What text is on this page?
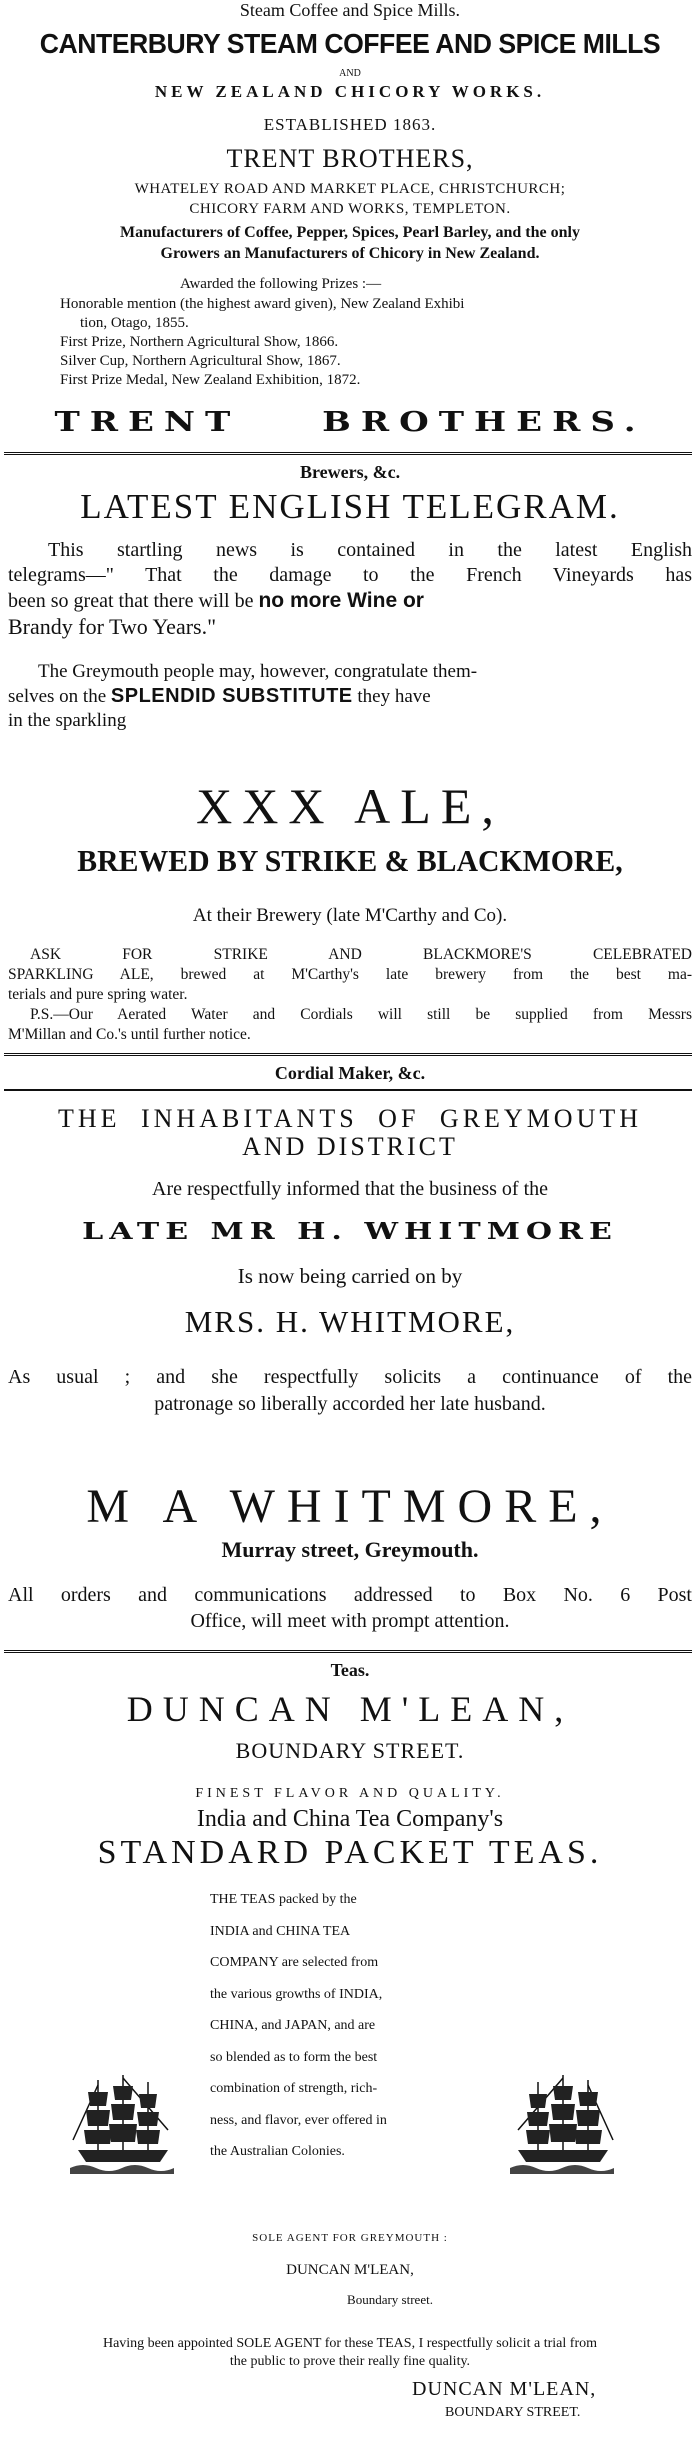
Steam Coffee and Spice Mills.
CANTERBURY STEAM COFFEE AND SPICE MILLS
AND
NEW ZEALAND CHICORY WORKS.
ESTABLISHED 1863.
TRENT BROTHERS,
WHATELEY ROAD AND MARKET PLACE, CHRISTCHURCH;
CHICORY FARM AND WORKS, TEMPLETON.
Manufacturers of Coffee, Pepper, Spices, Pearl Barley, and the only
Growers an Manufacturers of Chicory in New Zealand.
Awarded the following Prizes :—
Honorable mention (the highest award given), New Zealand Exhibi
tion, Otago, 1855.
First Prize, Northern Agricultural Show, 1866.
Silver Cup, Northern Agricultural Show, 1867.
First Prize Medal, New Zealand Exhibition, 1872.
TRENT BROTHERS.
Brewers, &c.
LATEST ENGLISH TELEGRAM.
This startling news is contained in the latest English
telegrams—" That the damage to the French Vineyards has
been so great that there will be no more Wine or
Brandy for Two Years."
The Greymouth people may, however, congratulate them-
selves on the SPLENDID SUBSTITUTE they have
in the sparkling
XXX ALE,
BREWED BY STRIKE & BLACKMORE,
At their Brewery (late M'Carthy and Co).
ASK FOR STRIKE AND BLACKMORE'S CELEBRATED
SPARKLING ALE, brewed at M'Carthy's late brewery from the best ma-
terials and pure spring water.
P.S.—Our Aerated Water and Cordials will still be supplied from Messrs
M'Millan and Co.'s until further notice.
Cordial Maker, &c.
THE INHABITANTS OF GREYMOUTH
AND DISTRICT
Are respectfully informed that the business of the
LATE MR H. WHITMORE
Is now being carried on by
MRS. H. WHITMORE,
As usual ; and she respectfully solicits a continuance of the
patronage so liberally accorded her late husband.
M A WHITMORE,
Murray street, Greymouth.
All orders and communications addressed to Box No. 6 Post
Office, will meet with prompt attention.
Teas.
DUNCAN M'LEAN,
BOUNDARY STREET.
FINEST FLAVOR AND QUALITY.
India and China Tea Company's
STANDARD PACKET TEAS.
THE TEAS packed by the
INDIA and CHINA TEA
COMPANY are selected from
the various growths of INDIA,
CHINA, and JAPAN, and are
so blended as to form the best
combination of strength, rich-
ness, and flavor, ever offered in
the Australian Colonies.
SOLE AGENT FOR GREYMOUTH :
DUNCAN M'LEAN,
Boundary street.
Having been appointed SOLE AGENT for these TEAS, I respectfully solicit a trial from
the public to prove their really fine quality.
DUNCAN M'LEAN,
BOUNDARY STREET.
